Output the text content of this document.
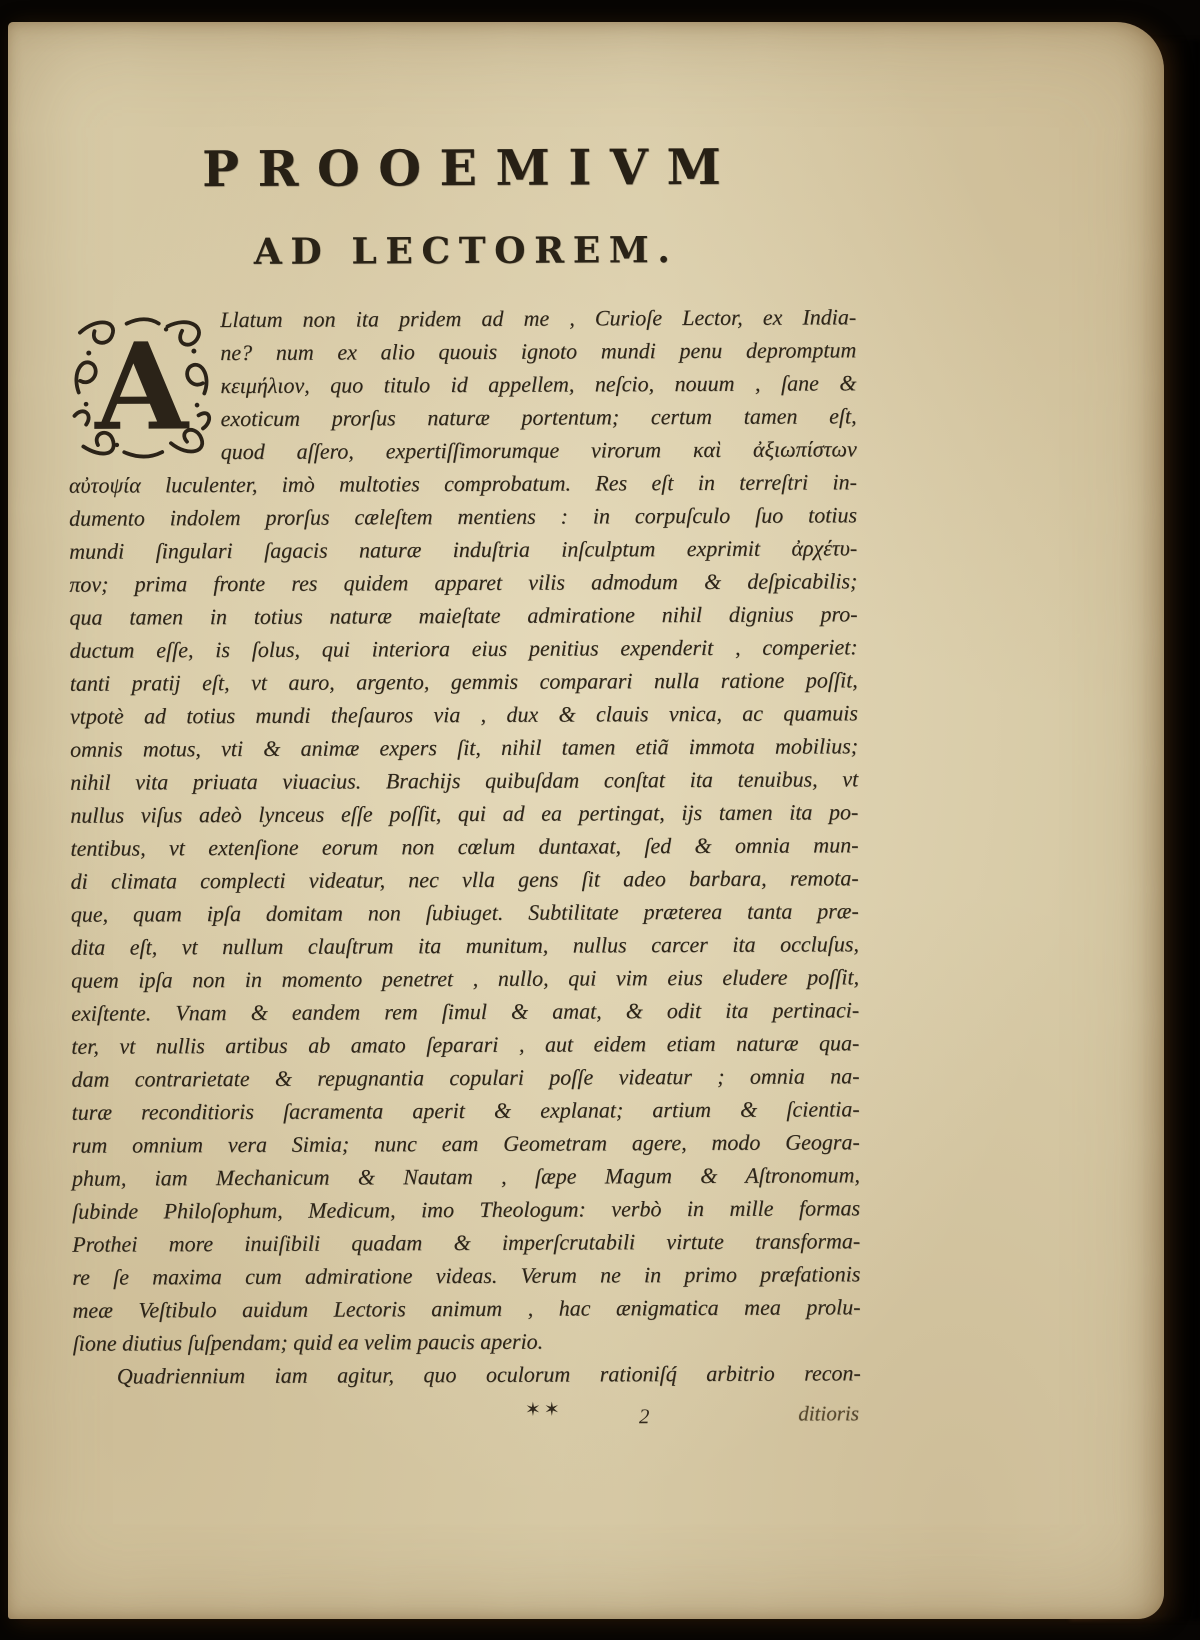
PROOEMIVM
AD LECTOREM.
A Llatum non ita pridem ad me , Curioſe Lector, ex India-
ne? num ex alio quouis ignoto mundi penu depromptum
κειμήλιον, quo titulo id appellem, neſcio, nouum , ſane &
exoticum prorſus naturæ portentum; certum tamen eſt,
quod aſſero, expertiſſimorumque virorum καὶ ἀξιωπίστων
αὐτοψία luculenter, imò multoties comprobatum. Res eſt in terreſtri in-
dumento indolem prorſus cæleſtem mentiens : in corpuſculo ſuo totius
mundi ſingulari ſagacis naturæ induſtria inſculptum exprimit ἀρχέτυ-
πον; prima fronte res quidem apparet vilis admodum & deſpicabilis;
qua tamen in totius naturæ maieſtate admiratione nihil dignius pro-
ductum eſſe, is ſolus, qui interiora eius penitius expenderit , comperiet:
tanti pratij eſt, vt auro, argento, gemmis comparari nulla ratione poſſit,
vtpotè ad totius mundi theſauros via , dux & clauis vnica, ac quamuis
omnis motus, vti & animæ expers ſit, nihil tamen etiã immota mobilius;
nihil vita priuata viuacius. Brachijs quibuſdam conſtat ita tenuibus, vt
nullus viſus adeò lynceus eſſe poſſit, qui ad ea pertingat, ijs tamen ita po-
tentibus, vt extenſione eorum non cœlum duntaxat, ſed & omnia mun-
di climata complecti videatur, nec vlla gens ſit adeo barbara, remota-
que, quam ipſa domitam non ſubiuget. Subtilitate præterea tanta præ-
dita eſt, vt nullum clauſtrum ita munitum, nullus carcer ita occluſus,
quem ipſa non in momento penetret , nullo, qui vim eius eludere poſſit,
exiſtente. Vnam & eandem rem ſimul & amat, & odit ita pertinaci-
ter, vt nullis artibus ab amato ſeparari , aut eidem etiam naturæ qua-
dam contrarietate & repugnantia copulari poſſe videatur ; omnia na-
turæ reconditioris ſacramenta aperit & explanat; artium & ſcientia-
rum omnium vera Simia; nunc eam Geometram agere, modo Geogra-
phum, iam Mechanicum & Nautam , ſæpe Magum & Aſtronomum,
ſubinde Philoſophum, Medicum, imo Theologum: verbò in mille formas
Prothei more inuiſibili quadam & imperſcrutabili virtute transforma-
re ſe maxima cum admiratione videas. Verum ne in primo præfationis
meæ Veſtibulo auidum Lectoris animum , hac ænigmatica mea prolu-
ſione diutius ſuſpendam; quid ea velim paucis aperio.
Quadriennium iam agitur, quo oculorum rationiſq́ arbitrio recon-
✶✶	2	ditioris
